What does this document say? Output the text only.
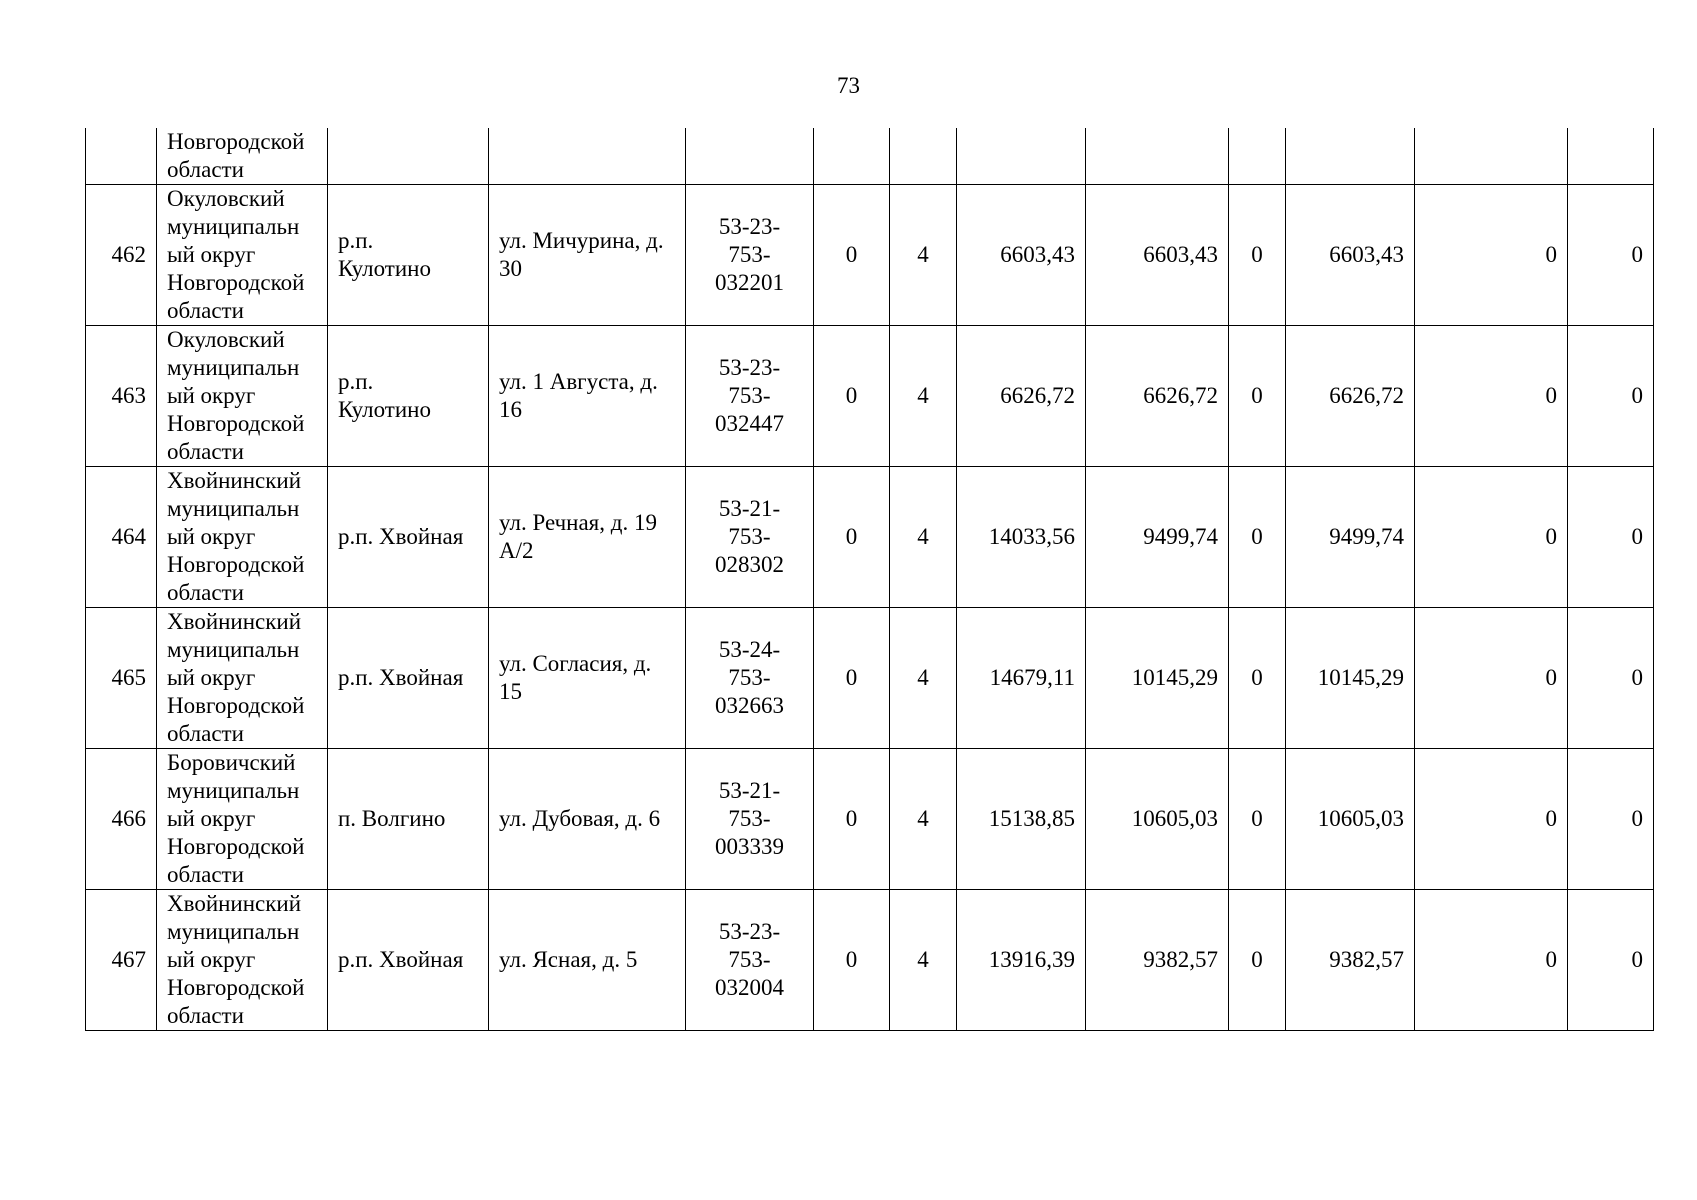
73
	Новгородской
области											
462	Окуловский
муниципальн
ый округ
Новгородской
области	р.п.
Кулотино	ул. Мичурина, д.
30	53-23-
753-
032201	0	4	6603,43	6603,43	0	6603,43	0	0
463	Окуловский
муниципальн
ый округ
Новгородской
области	р.п.
Кулотино	ул. 1 Августа, д.
16	53-23-
753-
032447	0	4	6626,72	6626,72	0	6626,72	0	0
464	Хвойнинский
муниципальн
ый округ
Новгородской
области	р.п. Хвойная	ул. Речная, д. 19
А/2	53-21-
753-
028302	0	4	14033,56	9499,74	0	9499,74	0	0
465	Хвойнинский
муниципальн
ый округ
Новгородской
области	р.п. Хвойная	ул. Согласия, д.
15	53-24-
753-
032663	0	4	14679,11	10145,29	0	10145,29	0	0
466	Боровичский
муниципальн
ый округ
Новгородской
области	п. Волгино	ул. Дубовая, д. 6	53-21-
753-
003339	0	4	15138,85	10605,03	0	10605,03	0	0
467	Хвойнинский
муниципальн
ый округ
Новгородской
области	р.п. Хвойная	ул. Ясная, д. 5	53-23-
753-
032004	0	4	13916,39	9382,57	0	9382,57	0	0
